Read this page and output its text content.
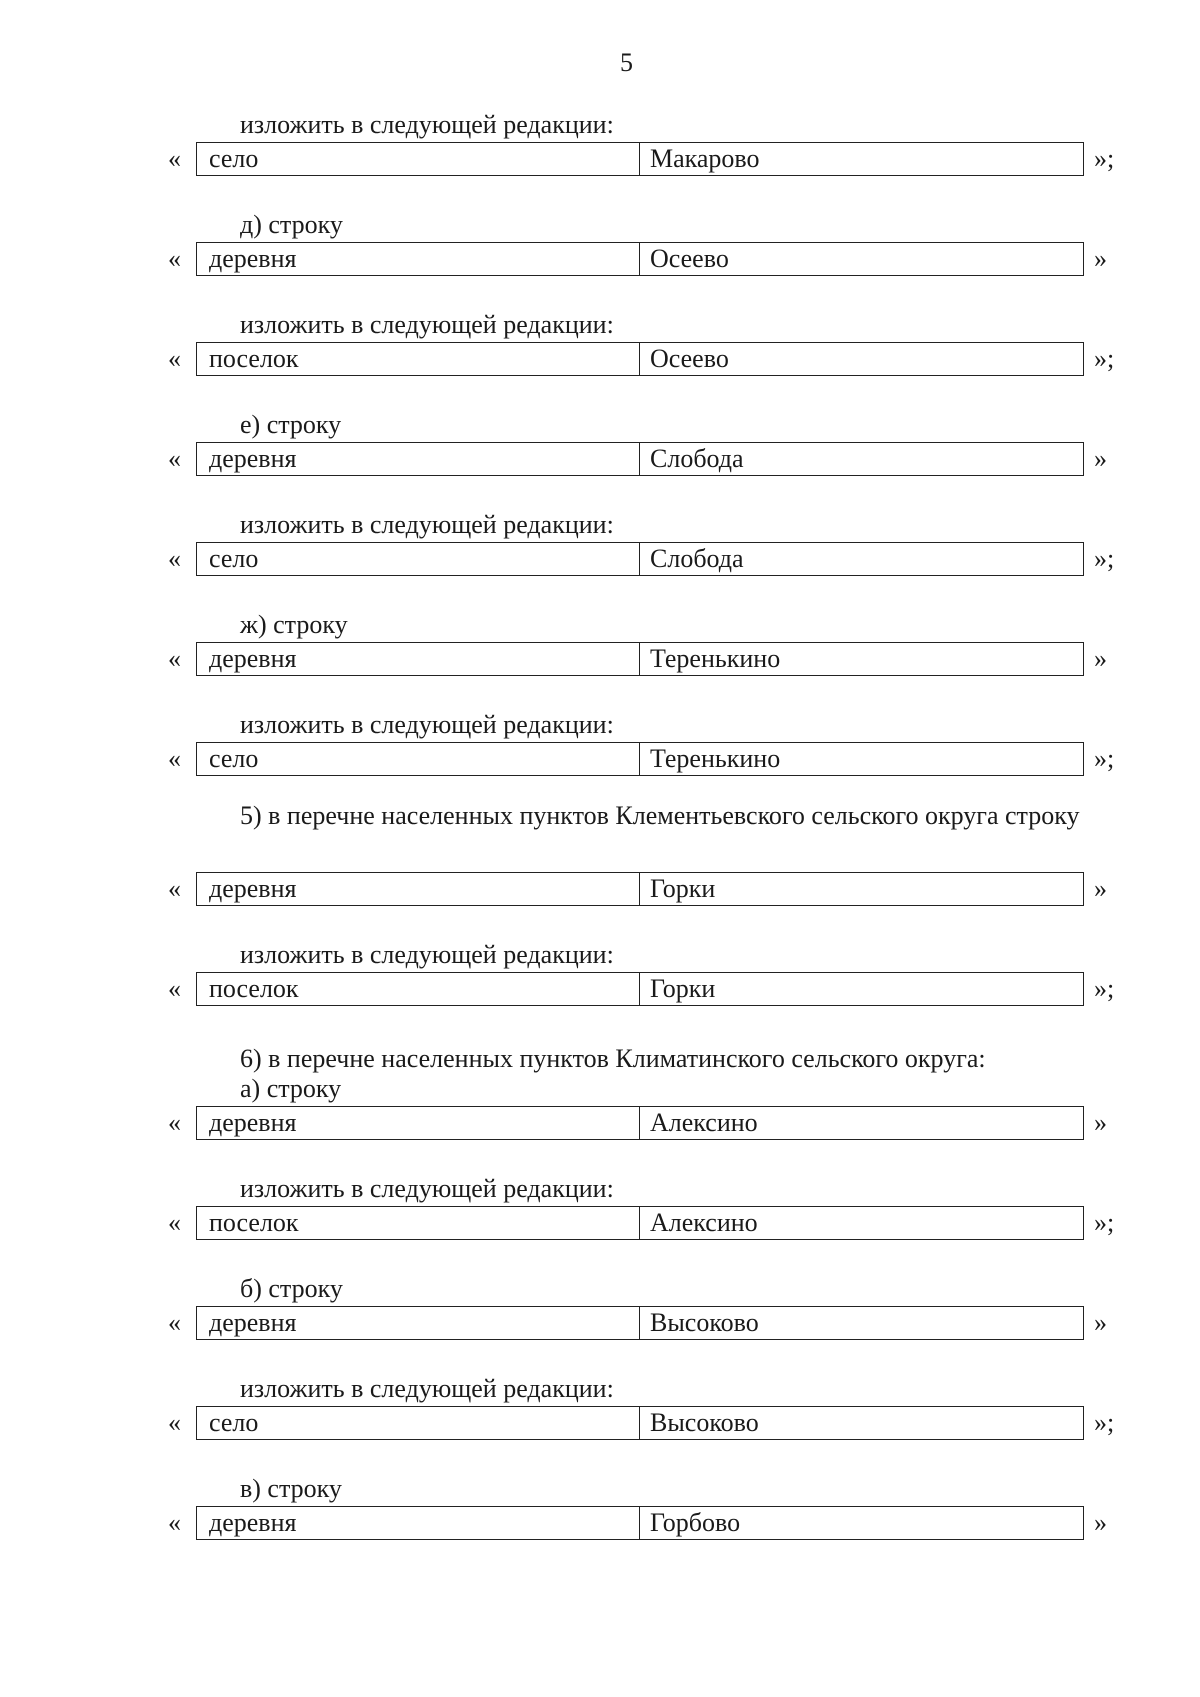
5
5) в перечне населенных пунктов Клементьевского сельского округа строку
6) в перечне населенных пунктов Климатинского сельского округа:
изложить в следующей редакции:
«	село	Макарово	»;
д) строку
«	деревня	Осеево	»
изложить в следующей редакции:
«	поселок	Осеево	»;
е) строку
«	деревня	Слобода	»
изложить в следующей редакции:
«	село	Слобода	»;
ж) строку
«	деревня	Теренькино	»
изложить в следующей редакции:
«	село	Теренькино	»;
«	деревня	Горки	»
изложить в следующей редакции:
«	поселок	Горки	»;
а) строку
«	деревня	Алексино	»
изложить в следующей редакции:
«	поселок	Алексино	»;
б) строку
«	деревня	Высоково	»
изложить в следующей редакции:
«	село	Высоково	»;
в) строку
«	деревня	Горбово	»
